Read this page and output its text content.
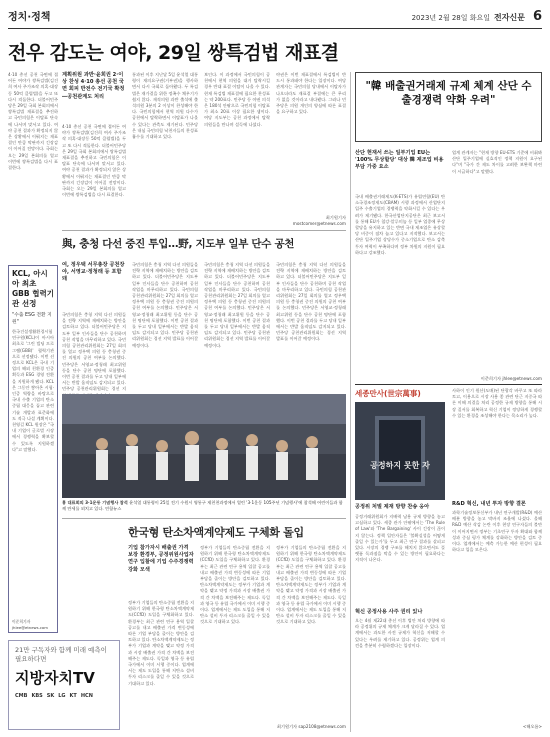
정치·정책	2023년 2월 28일 화요일 전자신문 6
전우 감도는 여야, 29일 쌍특검법 재표결
계획위원 과반·윤희권 2·이상 찬성 4·10 총선 공천 국면 회피 반전수 전기국 확정 ―공천관계도 처리
4·10 총선 공천 국면에 접어든 여야가 쌍특검법(김건희 여사 주가조작 의혹·대장동 50억 클럽법)을 두고 또 다시 격돌한다. 더불어민주당은 29일 국회 본회의에서 쌍특검법 재표결을 추진하고 국민의힘은 이탈표 단속에 나서며 맞서고 있다. 여야 공천 결과가 확정되지 않은 상황에서 이뤄지는 재표결인 만큼 막판까지 긴장감이 이어질 전망이다. 국회는 오는 29일 본회의를 열고 이번에 쌍특검법을 다시 표결한다.
통과된 이후 지난달 5일 윤석열 대통령이 재의요구권(거부권)을 행사하면서 다시 국회로 돌아왔다. 두 특검법은 재가결을 위한 정족수 채우기가 쉽지 않다. 재적의원 과반 출석에 출석의원 3분의 2 이상이 찬성해야 한다. 국민의힘에서 현역 의원 다수가 공천에서 탈락하면서 이탈표가 나올 수 있다는 관측도 제기된다. 민주당은 내심 국민의힘 낙천자들의 찬성표 흡수를 기대하고 있다.
보인다. 이 과정에서 국민의힘이 공천에서 현역 의원을 대거 탈락시킬 경우 반대 표결 이탈이 나올 수 있다. 현재 특검법 재표결에 필요한 찬성표는 약 200표다. 민주당 등 야권 의석은 180석 안팎으로 국민의힘 이탈표가 최소 20표 이상 필요한 셈이다. 여당 지도부는 공천 과정에서 탈락 의원들을 만나며 설득에 나섰다.
야권은 이번 재표결에서 특검법이 반드시 통과돼야 한다는 입장이다. 여당 관계자는 국민의힘 당내에서 이탈자가 나오더라도 재표결 부결에는 큰 무리가 없을 것이라고 내다봤다. 그러나 민주당은 의원 개인의 양심에 따른 표결을 요구하고 있다.
최기원기자 mostcomer@etnews.com
KCL, 아시아 최초 GBB 협력기관 선정
"수출 ESG 전환 지원"
한국건설생활환경시험연구원(KCL)이 아시아 최초로 '그린 빌딩 프로그램(GBB)' 협력기관으로 선정됐다. 이번 선정으로 KCL은 국내 기업의 해외 친환경 인증 획득과 ESG 경영 전환을 지원하게 됐다. KCL은 그동안 쌓아온 시험·인증 역량을 바탕으로 국내 수출 기업의 탄소중립 대응을 돕고 관련 기술 개발과 표준화에도 적극 나설 계획이다. 천영길 KCL 원장은 "국내 기업이 글로벌 시장에서 경쟁력을 확보할 수 있도록 지원하겠다"고 말했다.
이준희기자 jhlee@etnews.com
4·10 총선 공천 국면에 접어든 여야가 쌍특검법(김건희 여사 주가조작 의혹·대장동 50억 클럽법)을 두고 또 다시 격돌한다. 더불어민주당은 29일 국회 본회의에서 쌍특검법 재표결을 추진하고 국민의힘은 이탈표 단속에 나서며 맞서고 있다. 여야 공천 결과가 확정되지 않은 상황에서 이뤄지는 재표결인 만큼 막판까지 긴장감이 이어질 전망이다. 국회는 오는 29일 본회의를 열고 이번에 쌍특검법을 다시 표결한다.
21만 구독자와 함께 미래 예측이 필요하다면
지방자치TV
CMB KBS SK LG KT HCN
"韓 배출권거래제 규제 체계 산단 수출경쟁력 약화 우려"
산단 현재서 쓰는 일부기업 EU는 '100% 무상할당' 대상 韓 제조업 비용부담 가중 요소
국내 배출권거래제도(K-ETS)가 유럽연합(EU) 탄소국경조정제도(CBAM) 시행 과정에서 산업단지 입주 수출기업의 경쟁력을 약화시킬 수 있다는 우려가 제기됐다. 한국산업단지공단은 최근 보고서를 통해 EU가 철강·알루미늄 등 일부 업종에 무상할당을 유지하고 있는 반면 국내 제조업은 유상할당 비중이 점차 늘고 있다고 지적했다. 보고서는 산단 입주기업 상당수가 중소기업으로 탄소 감축 투자 여력이 부족하다며 정부 차원의 지원이 필요하다고 강조했다.
업계 관계자는 "현재 방향 EU-ETS 기준에 비춰봐 산단 입주기업에 실효적인 정책 지원이 요구된다"며 "국가 간 제도 차이를 고려한 보완책 마련이 시급하다"고 말했다.
이준희기자 jhlee@etnews.com
與, 충청 다선 중진 투입…野, 지도부 일부 단수 공천
여, 정우택 서무총장 공천장 야, 서영교·정청래 등 포함돼
국민의힘은 충청 지역 다선 의원들을 전략 지역에 재배치하는 방안을 검토하고 있다. 더불어민주당은 지도부 일부 인사들을 단수 공천하며 공천 작업을 마무리하고 있다. 국민의힘 공천관리위원회는 27일 회의를 열고 정우택 의원 등 충청권 중진 의원의 공천 여부를 논의했다. 민주당은 서영교·정청래 최고위원 등을 단수 공천 명단에 포함했다. 이번 공천 결과를 두고 당내 일부에서는 반발 움직임도 감지되고 있다. 민주당 공천관리위원회는 경선 지
국민의힘은 충청 지역 다선 의원들을 전략 지역에 재배치하는 방안을 검토하고 있다. 더불어민주당은 지도부 일부 인사들을 단수 공천하며 공천 작업을 마무리하고 있다. 국민의힘 공천관리위원회는 27일 회의를 열고 정우택 의원 등 충청권 중진 의원의 공천 여부를 논의했다. 민주당은 서영교·정청래 최고위원 등을 단수 공천 명단에 포함했다. 이번 공천 결과를 두고 당내 일부에서는 반발 움직임도 감지되고 있다. 민주당 공천관리위원회는 경선 지역 발표를 이어갈 예정이다.
국민의힘은 충청 지역 다선 의원들을 전략 지역에 재배치하는 방안을 검토하고 있다. 더불어민주당은 지도부 일부 인사들을 단수 공천하며 공천 작업을 마무리하고 있다. 국민의힘 공천관리위원회는 27일 회의를 열고 정우택 의원 등 충청권 중진 의원의 공천 여부를 논의했다. 민주당은 서영교·정청래 최고위원 등을 단수 공천 명단에 포함했다. 이번 공천 결과를 두고 당내 일부에서는 반발 움직임도 감지되고 있다. 민주당 공천관리위원회는 경선 지역 발표를 이어갈 예정이다.
국민의힘은 충청 지역 다선 의원들을 전략 지역에 재배치하는 방안을 검토하고 있다. 더불어민주당은 지도부 일부 인사들을 단수 공천하며 공천 작업을 마무리하고 있다. 국민의힘 공천관리위원회는 27일 회의를 열고 정우택 의원 등 충청권 중진 의원의 공천 여부를 논의했다. 민주당은 서영교·정청래 최고위원 등을 단수 공천 명단에 포함했다. 이번 공천 결과를 두고 당내 일부에서는 반발 움직임도 감지되고 있다. 민주당 공천관리위원회는 경선 지역 발표를 이어갈 예정이다.
홍 대표회의 3·1운동 기념행사 참석 윤석열 대통령이 25일 전기 수원시 영통구 제천천과정에서 열린 '3·1운동 105주년 기념행사'에 참석해 어린이들과 함께 만세를 외치고 있다. 연합뉴스
한국형 탄소차액계약제도 구체화 돌입
기업 참가자시 배출권 가격 보장 환경부, 공정위원사업자 연구 입찰에 기업 수주경쟁력 강화 모색
정부가 기업들의 탄소중립 전환을 지원하기 위해 한국형 탄소차액계약제도(CCfD) 도입을 구체화하고 있다. 환경부는 최근 관련 연구 용역 입찰 공고를 내고 배출권 가격 변동성에 따른 기업 부담을 줄이는 방안을 검토하고 있다. 탄소차액계약제도는 정부가 기업과 계약을 맺고 약정 가격과 시장 배출권 가격 간 차액을 보전해주는 제도다. 독일과 영국 등 유럽 국가에서 이미 시행 중이다. 업계에서는 제도 도입을 통해 저탄소 설비 투자 리스크를 줄일 수 있을 것으로 기대하고 있다.
정부가 기업들의 탄소중립 전환을 지원하기 위해 한국형 탄소차액계약제도(CCfD) 도입을 구체화하고 있다. 환경부는 최근 관련 연구 용역 입찰 공고를 내고 배출권 가격 변동성에 따른 기업 부담을 줄이는 방안을 검토하고 있다. 탄소차액계약제도는 정부가 기업과 계약을 맺고 약정 가격과 시장 배출권 가격 간 차액을 보전해주는 제도다. 독일과 영국 등 유럽 국가에서 이미 시행 중이다. 업계에서는 제도 도입을 통해 저탄소 설비 투자 리스크를 줄일 수 있을 것으로 기대하고 있다.
정부가 기업들의 탄소중립 전환을 지원하기 위해 한국형 탄소차액계약제도(CCfD) 도입을 구체화하고 있다. 환경부는 최근 관련 연구 용역 입찰 공고를 내고 배출권 가격 변동성에 따른 기업 부담을 줄이는 방안을 검토하고 있다. 탄소차액계약제도는 정부가 기업과 계약을 맺고 약정 가격과 시장 배출권 가격 간 차액을 보전해주는 제도다. 독일과 영국 등 유럽 국가에서 이미 시행 중이다. 업계에서는 제도 도입을 통해 저탄소 설비 투자 리스크를 줄일 수 있을 것으로 기대하고 있다.
최기원기자 sap2108@etnews.com
세종만사(世宗萬事)
공정하지 못한 자
공정위 처벌 제재 방향 찬송 옹아
공정거래위원회가 지배력 남용 규제 방향을 놓고 고심하고 있다. 세종 관가 안팎에서는 'The Rule of Law'와 'The Bargaining' 사이 긴장이 끊이지 않는다. 정책 입안자들은 '불확실성을 어떻게 줄일 수 있는가'를 두고 최근 연구 결과를 살피고 있다. 시장의 경쟁 구조를 해치지 않으면서도 플랫폼 독과점을 막을 수 있는 방안이 필요하다는 지적이 나온다.
혁신 공정사용 사주 권리 있나
오는 4월 제22대 총선 이후 법안 처리 방향에 따라 공정위의 규제 체계가 크게 달라질 수 있다. 업계에서는 과도한 사전 규제가 혁신을 저해할 수 있다는 우려를 제기하고 있다. 공정위는 업계 의견을 충분히 수렴하겠다는 입장이다.
사하이 인기 원산(도매)된 단광각 바꾸고 또 따라 토고, 이용으로 시장 사용 좋 관련 단근 지중국 따른 이해 의결을 처리 공정한 규제 방향을 통해 시장 질서를 회복하고 혁신 기업이 정당하게 경쟁할 수 있는 환경을 조성해야 한다는 목소리가 높다.
R&D 혁신, 내년 투자 방향 결론
과학기술정보통신부가 내년 연구개발(R&D) 예산 배분 방향을 놓고 막바지 조율에 나섰다. 올해 R&D 예산 삭감 논란 이후 현장 연구자들의 불만이 이어지면서 정부는 기초연구 투자 확대와 함께 성과 중심 평가 체계를 강화하는 방안을 검토 중이다. 업계에서는 예측 가능한 예산 편성이 필요하다고 입을 모은다.
<해오름>
